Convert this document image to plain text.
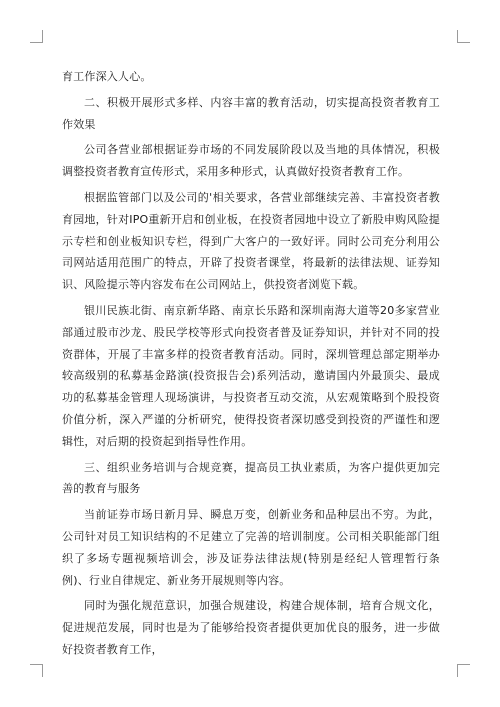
育工作深入人心。

二、积极开展形式多样、内容丰富的教育活动，切实提高投资者教育工作效果

公司各营业部根据证券市场的不同发展阶段以及当地的具体情况，积极调整投资者教育宣传形式，采用多种形式，认真做好投资者教育工作。

根据监管部门以及公司的'相关要求，各营业部继续完善、丰富投资者教育园地，针对IPO重新开启和创业板，在投资者园地中设立了新股申购风险提示专栏和创业板知识专栏，得到广大客户的一致好评。同时公司充分利用公司网站适用范围广的特点，开辟了投资者课堂，将最新的法律法规、证券知识、风险提示等内容发布在公司网站上，供投资者浏览下载。

银川民族北街、南京新华路、南京长乐路和深圳南海大道等20多家营业部通过股市沙龙、股民学校等形式向投资者普及证券知识，并针对不同的投资群体，开展了丰富多样的投资者教育活动。同时，深圳管理总部定期举办较高级别的私募基金路演(投资报告会)系列活动，邀请国内外最顶尖、最成功的私募基金管理人现场演讲，与投资者互动交流，从宏观策略到个股投资价值分析，深入严谨的分析研究，使得投资者深切感受到投资的严谨性和逻辑性，对后期的投资起到指导性作用。

三、组织业务培训与合规竞赛，提高员工执业素质，为客户提供更加完善的教育与服务

当前证券市场日新月异、瞬息万变，创新业务和品种层出不穷。为此，公司针对员工知识结构的不足建立了完善的培训制度。公司相关职能部门组织了多场专题视频培训会，涉及证券法律法规(特别是经纪人管理暂行条例)、行业自律规定、新业务开展规则等内容。

同时为强化规范意识，加强合规建设，构建合规体制，培育合规文化，促进规范发展，同时也是为了能够给投资者提供更加优良的服务，进一步做好投资者教育工作，
